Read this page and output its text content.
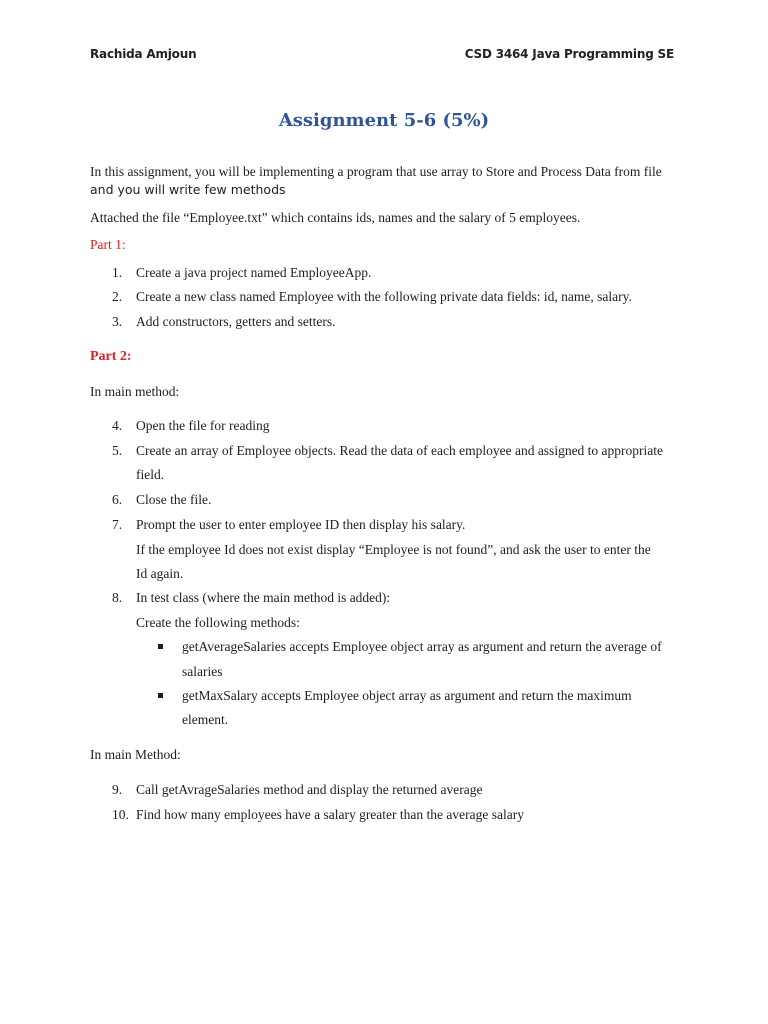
Rachida Amjoun	CSD 3464 Java Programming SE
Assignment 5-6 (5%)
In this assignment, you will be implementing a program that use array to Store and Process Data from file
and you will write few methods
Attached the file “Employee.txt” which contains ids, names and the salary of 5 employees.
Part 1:
1. Create a java project named EmployeeApp.
2. Create a new class named Employee with the following private data fields: id, name, salary.
3. Add constructors, getters and setters.
Part 2:
In main method:
4. Open the file for reading
5. Create an array of Employee objects. Read the data of each employee and assigned to appropriate
field.
6. Close the file.
7. Prompt the user to enter employee ID then display his salary.
If the employee Id does not exist display “Employee is not found”, and ask the user to enter the
Id again.
8. In test class (where the main method is added):
Create the following methods:
getAverageSalaries accepts Employee object array as argument and return the average of
salaries
getMaxSalary accepts Employee object array as argument and return the maximum
element.
In main Method:
9. Call getAvrageSalaries method and display the returned average
10. Find how many employees have a salary greater than the average salary
